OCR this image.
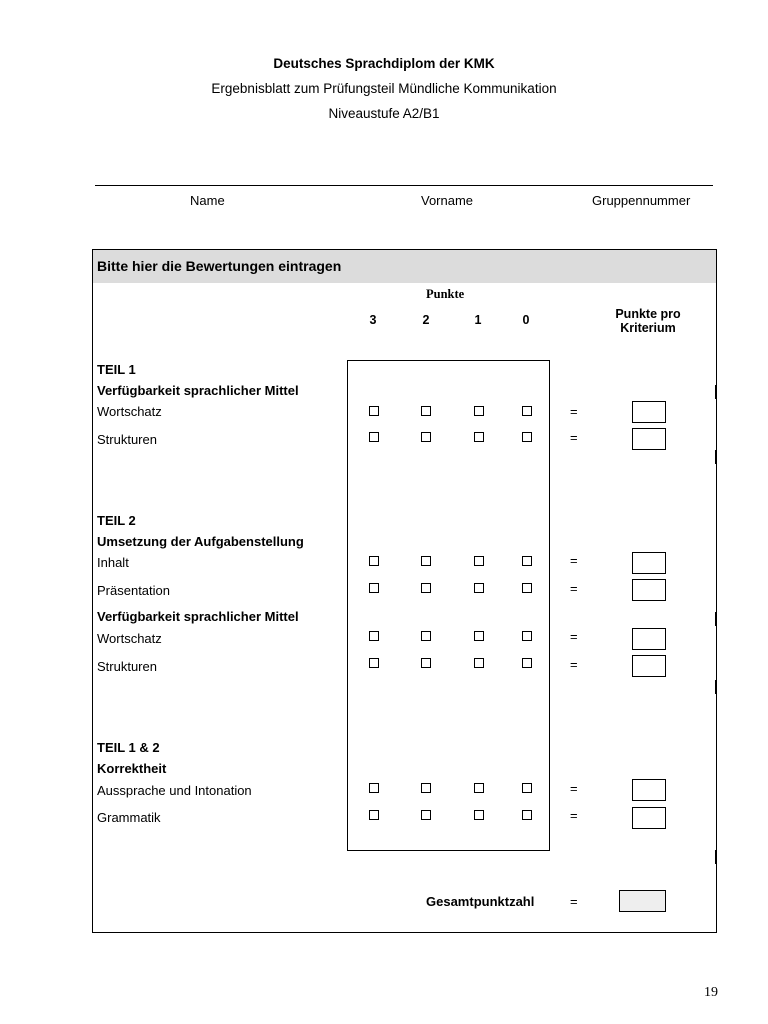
Deutsches Sprachdiplom der KMK
Ergebnisblatt zum Prüfungsteil Mündliche Kommunikation
Niveaustufe A2/B1
Name	Vorname	Gruppennummer
Bitte hier die Bewertungen eintragen
Punkte
3	2	1	0	Punkte pro
Kriterium
TEIL 1
Verfügbarkeit sprachlicher Mittel
Wortschatz	=
Strukturen	=
TEIL 2
Umsetzung der Aufgabenstellung
Inhalt	=
Präsentation	=
Verfügbarkeit sprachlicher Mittel
Wortschatz	=
Strukturen	=
TEIL 1 & 2
Korrektheit
Aussprache und Intonation	=
Grammatik	=
Gesamtpunktzahl	=
19
